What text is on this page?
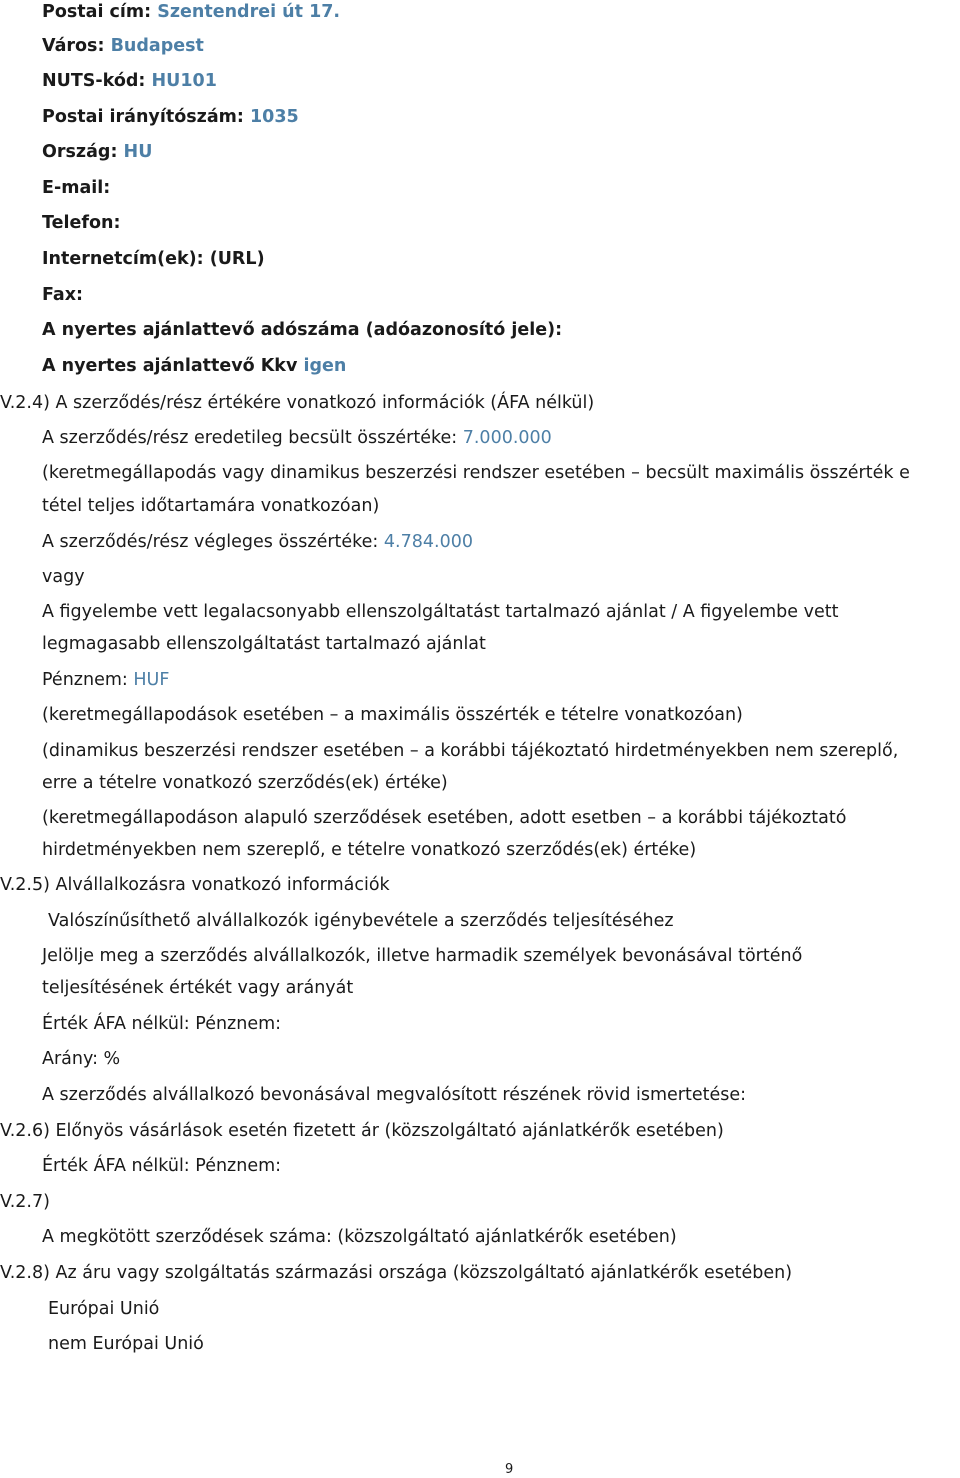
Postai cím: Szentendrei út 17.
Város: Budapest
NUTS-kód: HU101
Postai irányítószám: 1035
Ország: HU
E-mail:
Telefon:
Internetcím(ek): (URL)
Fax:
A nyertes ajánlattevő adószáma (adóazonosító jele):
A nyertes ajánlattevő Kkv igen
V.2.4) A szerződés/rész értékére vonatkozó információk (ÁFA nélkül)
A szerződés/rész eredetileg becsült összértéke: 7.000.000
(keretmegállapodás vagy dinamikus beszerzési rendszer esetében – becsült maximális összérték e
tétel teljes időtartamára vonatkozóan)
A szerződés/rész végleges összértéke: 4.784.000
vagy
A figyelembe vett legalacsonyabb ellenszolgáltatást tartalmazó ajánlat / A figyelembe vett
legmagasabb ellenszolgáltatást tartalmazó ajánlat
Pénznem: HUF
(keretmegállapodások esetében – a maximális összérték e tételre vonatkozóan)
(dinamikus beszerzési rendszer esetében – a korábbi tájékoztató hirdetményekben nem szereplő,
erre a tételre vonatkozó szerződés(ek) értéke)
(keretmegállapodáson alapuló szerződések esetében, adott esetben – a korábbi tájékoztató
hirdetményekben nem szereplő, e tételre vonatkozó szerződés(ek) értéke)
V.2.5) Alvállalkozásra vonatkozó információk
Valószínűsíthető alvállalkozók igénybevétele a szerződés teljesítéséhez
Jelölje meg a szerződés alvállalkozók, illetve harmadik személyek bevonásával történő
teljesítésének értékét vagy arányát
Érték ÁFA nélkül: Pénznem:
Arány: %
A szerződés alvállalkozó bevonásával megvalósított részének rövid ismertetése:
V.2.6) Előnyös vásárlások esetén fizetett ár (közszolgáltató ajánlatkérők esetében)
Érték ÁFA nélkül: Pénznem:
V.2.7)
A megkötött szerződések száma: (közszolgáltató ajánlatkérők esetében)
V.2.8) Az áru vagy szolgáltatás származási országa (közszolgáltató ajánlatkérők esetében)
Európai Unió
nem Európai Unió
9
